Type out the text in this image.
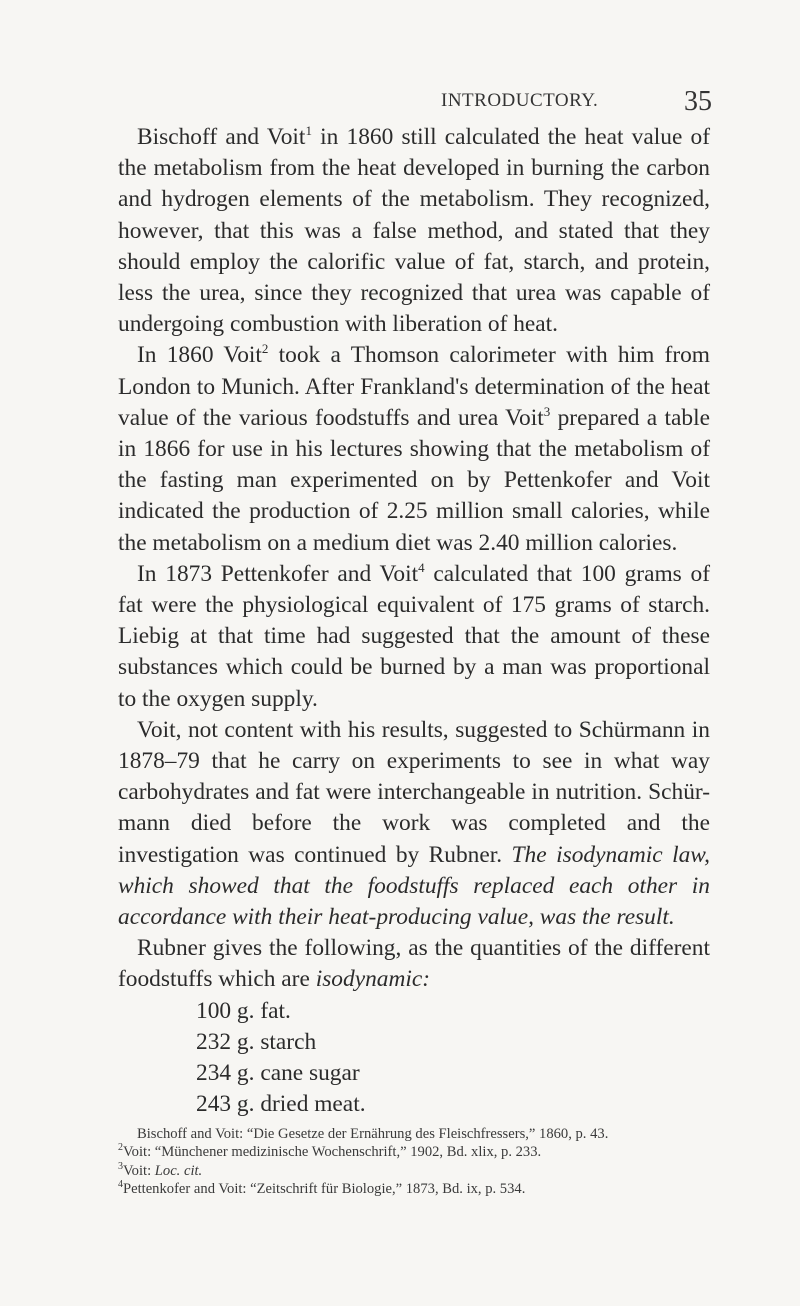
INTRODUCTORY.	35

Bischoff and Voit$^1$ in 1860 still calculated the heat value of the metabolism from the heat developed in burning the carbon and hydrogen elements of the metabolism. They recognized, however, that this was a false method, and stated that they should employ the calorific value of fat, starch, and protein, less the urea, since they recognized that urea was capable of undergoing combustion with liberation of heat.

In 1860 Voit$^2$ took a Thomson calorimeter with him from London to Munich. After Frankland's determination of the heat value of the various foodstuffs and urea Voit$^3$ prepared a table in 1866 for use in his lectures showing that the metabolism of the fasting man experimented on by Pettenkofer and Voit indicated the production of 2.25 million small calories, while the metabolism on a medium diet was 2.40 million calories.

In 1873 Pettenkofer and Voit$^4$ calculated that 100 grams of fat were the physiological equivalent of 175 grams of starch. Liebig at that time had suggested that the amount of these substances which could be burned by a man was proportional to the oxygen supply.

Voit, not content with his results, suggested to Schürmann in 1878–79 that he carry on experiments to see in what way carbohydrates and fat were interchangeable in nutrition. Schür-mann died before the work was completed and the investigation was continued by Rubner. The isodynamic law, which showed that the foodstuffs replaced each other in accordance with their heat-producing value, was the result.

Rubner gives the following, as the quantities of the different foodstuffs which are isodynamic:

100 g. fat.
232 g. starch
234 g. cane sugar
243 g. dried meat.

Bischoff and Voit: “Die Gesetze der Ernährung des Fleischfressers,” 1860, p. 43.

$^2$Voit: “Münchener medizinische Wochenschrift,” 1902, Bd. xlix, p. 233.

$^3$Voit: Loc. cit.

$^4$Pettenkofer and Voit: “Zeitschrift für Biologie,” 1873, Bd. ix, p. 534.
